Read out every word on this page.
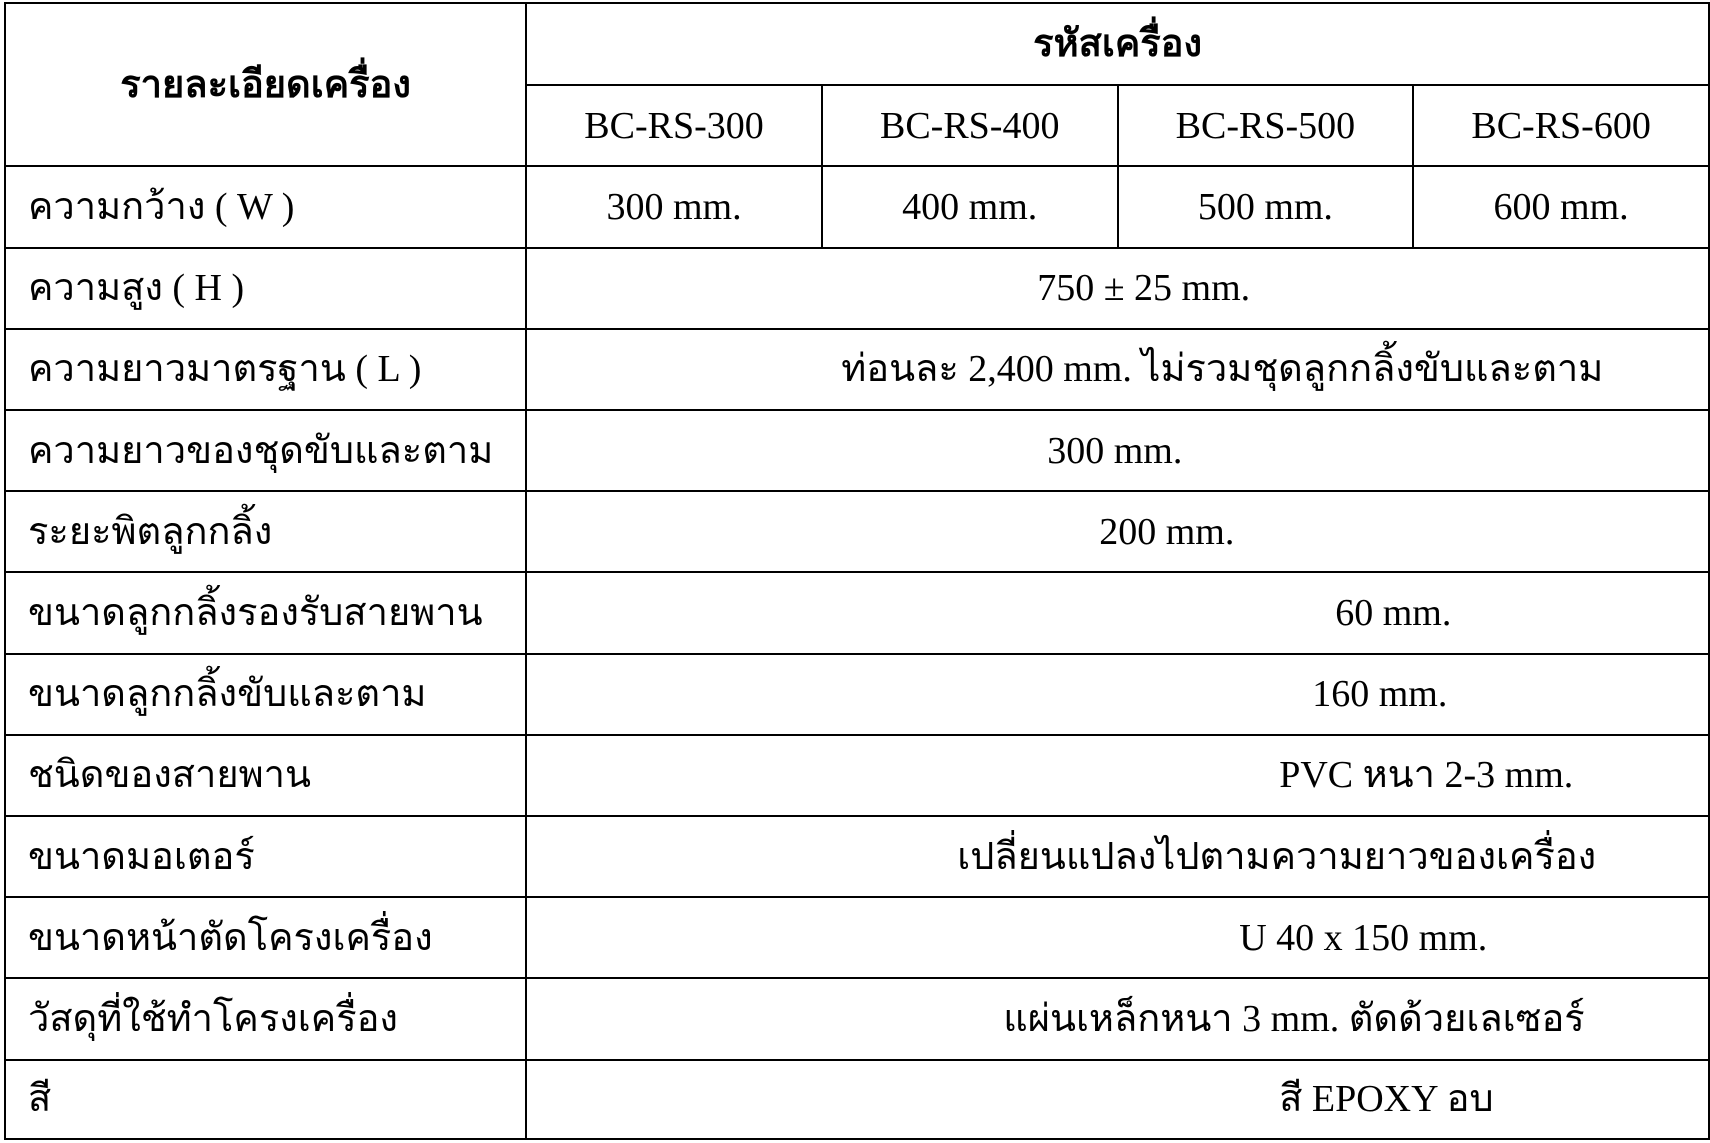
รายละเอียดเครื่อง	รหัสเครื่อง			
	BC-RS-300	BC-RS-400	BC-RS-500	BC-RS-600
ความกว้าง ( W )	300 mm.	400 mm.	500 mm.	600 mm.
ความสูง ( H )	750 ± 25 mm.			
ความยาวมาตรฐาน ( L )	ท่อนละ 2,400 mm. ไม่รวมชุดลูกกลิ้งขับและตาม			
ความยาวของชุดขับและตาม	300 mm.			
ระยะพิตลูกกลิ้ง	200 mm.			
ขนาดลูกกลิ้งรองรับสายพาน	60 mm.			
ขนาดลูกกลิ้งขับและตาม	160 mm.			
ชนิดของสายพาน	PVC หนา 2-3 mm.			
ขนาดมอเตอร์	เปลี่ยนแปลงไปตามความยาวของเครื่อง			
ขนาดหน้าตัดโครงเครื่อง	U 40 x 150 mm.			
วัสดุที่ใช้ทำโครงเครื่อง	แผ่นเหล็กหนา 3 mm. ตัดด้วยเลเซอร์			
สี	สี EPOXY อบ			
